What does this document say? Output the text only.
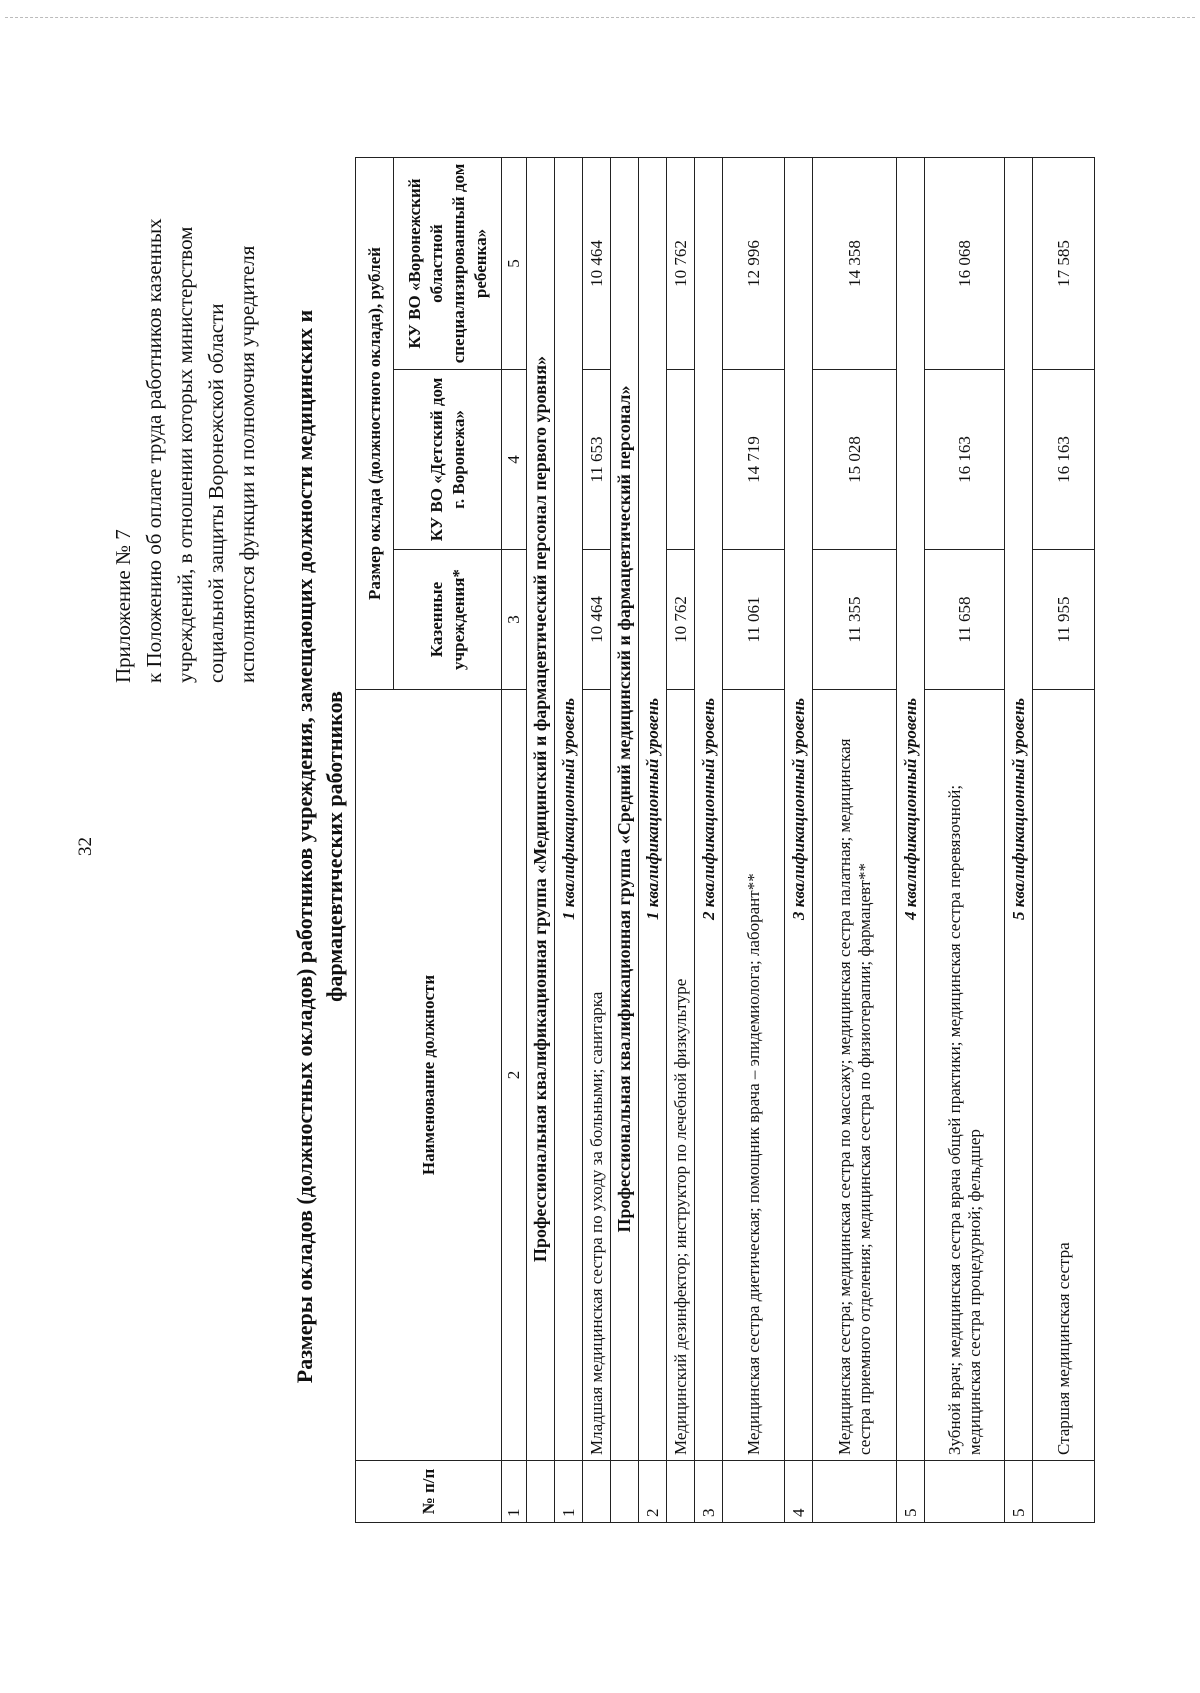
32
Приложение № 7 к Положению об оплате труда работников казенных учреждений, в отношении которых министерством социальной защиты Воронежской области исполняются функции и полномочия учредителя Размеры окладов (должностных окладов) работников учреждения, замещающих должности медицинских и фармацевтических работников
№ п/п	Наименование должности	Размер оклада (должностного оклада), рублей		
		Казенные учреждения*	КУ ВО «Детский дом г. Воронежа»	КУ ВО «Воронежский областной специализированный дом ребенка»
1	2	3	4	5
	Профессиональная квалификационная группа «Медицинский и фармацевтический персонал первого уровня»			
1	1 квалификационный уровень			
	Младшая медицинская сестра по уходу за больными; санитарка	10 464	11 653	10 464
	Профессиональная квалификационная группа «Средний медицинский и фармацевтический персонал»			
2	1 квалификационный уровень			
	Медицинский дезинфектор; инструктор по лечебной физкультуре	10 762		10 762
3	2 квалификационный уровень			
	Медицинская сестра диетическая; помощник врача – эпидемиолога; лаборант**	11 061	14 719	12 996
4	3 квалификационный уровень			
	Медицинская сестра; медицинская сестра по массажу; медицинская сестра палатная; медицинская сестра приемного отделения; медицинская сестра по физиотерапии; фармацевт**	11 355	15 028	14 358
5	4 квалификационный уровень			
	Зубной врач; медицинская сестра врача общей практики; медицинская сестра перевязочной; медицинская сестра процедурной; фельдшер	11 658	16 163	16 068
5	5 квалификационный уровень			
	Старшая медицинская сестра	11 955	16 163	17 585
